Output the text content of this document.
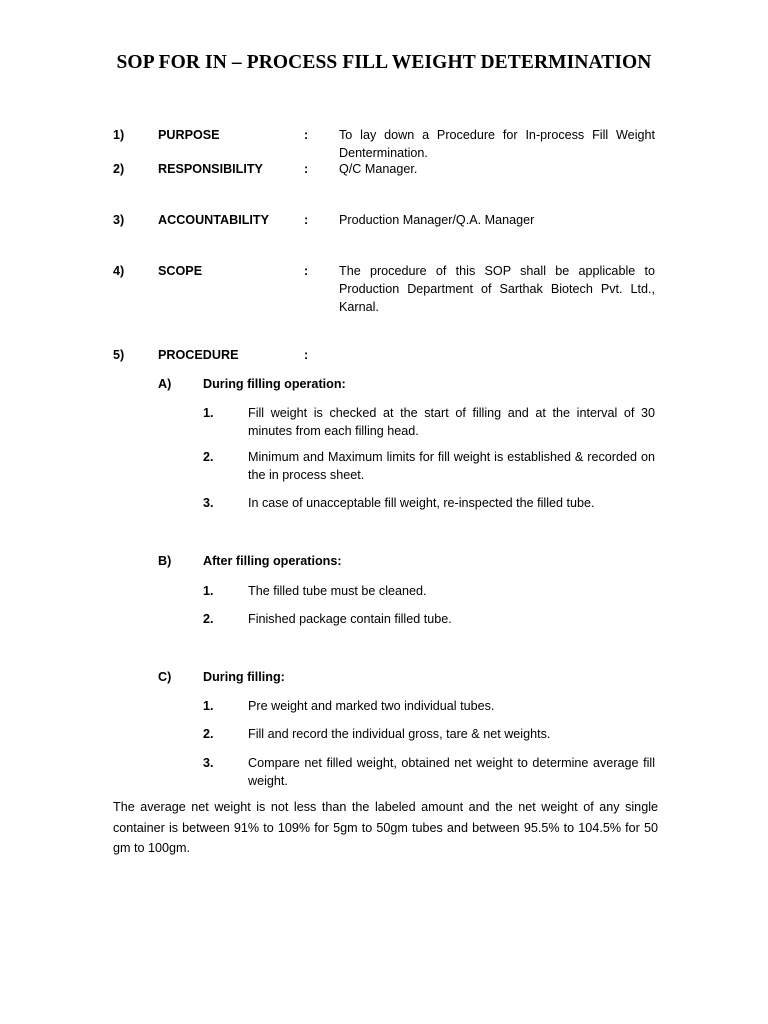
SOP FOR IN – PROCESS FILL WEIGHT DETERMINATION
1)	PURPOSE	: To lay down a Procedure for In-process Fill Weight Dentermination.
2)	RESPONSIBILITY	: Q/C Manager.
3)	ACCOUNTABILITY	: Production Manager/Q.A. Manager
4)	SCOPE	: The procedure of this SOP shall be applicable to Production Department of Sarthak Biotech Pvt. Ltd., Karnal.
5)	PROCEDURE	:
A)	During filling operation:
1.	Fill weight is checked at the start of filling and at the interval of 30 minutes from each filling head.
2.	Minimum and Maximum limits for fill weight is established & recorded on the in process sheet.
3.	In case of unacceptable fill weight, re-inspected the filled tube.
B)	After filling operations:
1.	The filled tube must be cleaned.
2.	Finished package contain filled tube.
C)	During filling:
1.	Pre weight and marked two individual tubes.
2.	Fill and record the individual gross, tare & net weights.
3.	Compare net filled weight, obtained net weight to determine average fill weight.
The average net weight is not less than the labeled amount and the net weight of any single container is between 91% to 109% for 5gm to 50gm tubes and between 95.5% to 104.5% for 50 gm to 100gm.
